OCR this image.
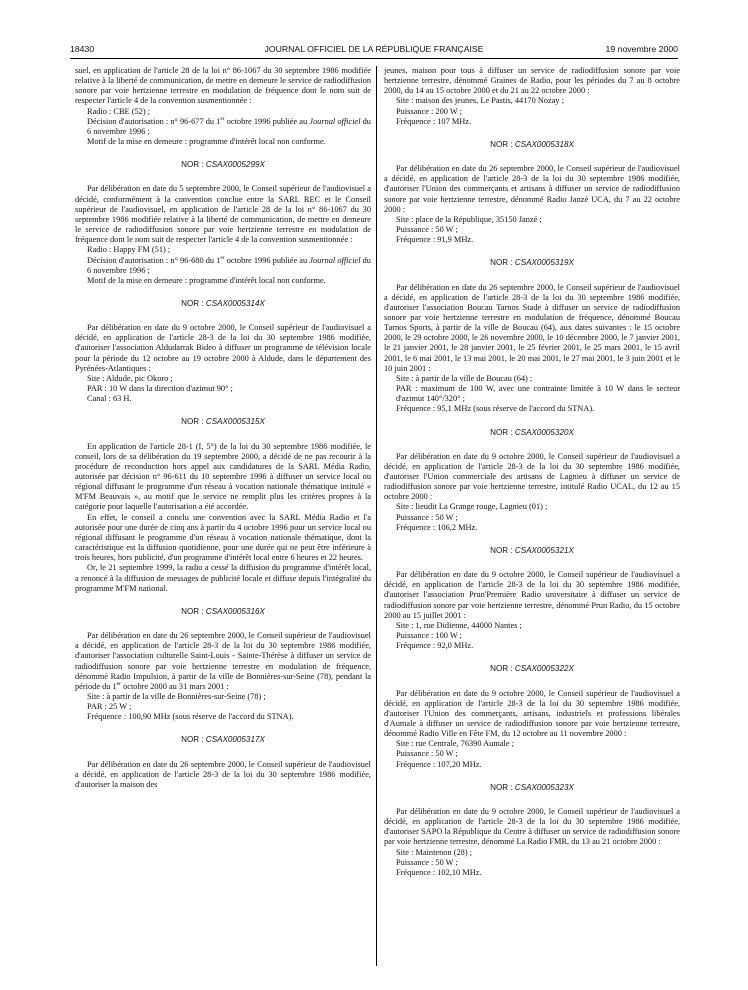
18430	JOURNAL OFFICIEL DE LA RÉPUBLIQUE FRANÇAISE	19 novembre 2000

suel, en application de l'article 28 de la loi n° 86-1067 du 30 septembre 1986 modifiée relative à la liberté de communication, de mettre en demeure le service de radiodiffusion sonore par voie hertzienne terrestre en modulation de fréquence dont le nom suit de respecter l'article 4 de la convention susmentionnée :

Radio : CBE (52) ;

Décision d'autorisation : n° 96-677 du 1er octobre 1996 publiée au Journal officiel du 6 novembre 1996 ;

Motif de la mise en demeure : programme d'intérêt local non conforme.

NOR : CSAX0005299X

Par délibération en date du 5 septembre 2000, le Conseil supérieur de l'audiovisuel a décidé, conformément à la convention conclue entre la SARL REC et le Conseil supérieur de l'audiovisuel, en application de l'article 28 de la loi n° 86-1067 du 30 septembre 1986 modifiée relative à la liberté de communication, de mettre en demeure le service de radiodiffusion sonore par voie hertzienne terrestre en modulation de fréquence dont le nom suit de respecter l'article 4 de la convention susmentionnée :

Radio : Happy FM (51) ;

Décision d'autorisation : n° 96-680 du 1er octobre 1996 publiée au Journal officiel du 6 novembre 1996 ;

Motif de la mise en demeure : programme d'intérêt local non conforme.

NOR : CSAX0005314X

Par délibération en date du 9 octobre 2000, le Conseil supérieur de l'audiovisuel a décidé, en application de l'article 28-3 de la loi du 30 septembre 1986 modifiée, d'autoriser l'association Aldudarrak Bideo à diffuser un programme de télévision locale pour la période du 12 octobre au 19 octobre 2000 à Aldude, dans le département des Pyrénées-Atlantiques :

Site : Aldude, pic Okoro ;

PAR : 10 W dans la direction d'azimut 90° ;

Canal : 63 H.

NOR : CSAX0005315X

En application de l'article 28-1 (I, 5°) de la loi du 30 septembre 1986 modifiée, le conseil, lors de sa délibération du 19 septembre 2000, a décidé de ne pas recourir à la procédure de reconduction hors appel aux candidatures de la SARL Média Radio, autorisée par décision n° 96-611 du 10 septembre 1996 à diffuser un service local ou régional diffusant le programme d'un réseau à vocation nationale thématique intitulé « M'FM Beauvais », au motif que le service ne remplit plus les critères propres à la catégorie pour laquelle l'autorisation a été accordée.

En effet, le conseil a conclu une convention avec la SARL Média Radio et l'a autorisée pour une durée de cinq ans à partir du 4 octobre 1996 pour un service local ou régional diffusant le programme d'un réseau à vocation nationale thématique, dont la caractéristique est la diffusion quotidienne, pour une durée qui ne peut être inférieure à trois heures, hors publicité, d'un programme d'intérêt local entre 6 heures et 22 heures.

Or, le 21 septembre 1999, la radio a cessé la diffusion du programme d'intérêt local, a renoncé à la diffusion de messages de publicité locale et diffuse depuis l'intégralité du programme M'FM national.

NOR : CSAX0005316X

Par délibération en date du 26 septembre 2000, le Conseil supérieur de l'audiovisuel a décidé, en application de l'article 28-3 de la loi du 30 septembre 1986 modifiée, d'autoriser l'association culturelle Saint-Louis - Sainte-Thérèse à diffuser un service de radiodiffusion sonore par voie hertzienne terrestre en modulation de fréquence, dénommé Radio Impulsion, à partir de la ville de Bonnières-sur-Seine (78), pendant la période du 1er octobre 2000 au 31 mars 2001 :

Site : à partir de la ville de Bonnières-sur-Seine (78) ;

PAR : 25 W ;

Fréquence : 100,90 MHz (sous réserve de l'accord du STNA).

NOR : CSAX0005317X

Par délibération en date du 26 septembre 2000, le Conseil supérieur de l'audiovisuel a décidé, en application de l'article 28-3 de la loi du 30 septembre 1986 modifiée, d'autoriser la maison des

jeunes, maison pour tous à diffuser un service de radiodiffusion sonore par voie hertzienne terrestre, dénommé Graines de Radio, pour les périodes du 7 au 8 octobre 2000, du 14 au 15 octobre 2000 et du 21 au 22 octobre 2000 :

Site : maison des jeunes, Le Pastis, 44170 Nozay ;

Puissance : 200 W ;

Fréquence : 107 MHz.

NOR : CSAX0005318X

Par délibération en date du 26 septembre 2000, le Conseil supérieur de l'audiovisuel a décidé, en application de l'article 28-3 de la loi du 30 septembre 1986 modifiée, d'autoriser l'Union des commerçants et artisans à diffuser un service de radiodiffusion sonore par voie hertzienne terrestre, dénommé Radio Janzé UCA, du 7 au 22 octobre 2000 :

Site : place de la République, 35150 Janzé ;

Puissance : 50 W ;

Fréquence : 91,9 MHz.

NOR : CSAX0005319X

Par délibération en date du 26 septembre 2000, le Conseil supérieur de l'audiovisuel a décidé, en application de l'article 28-3 de la loi du 30 septembre 1986 modifiée, d'autoriser l'association Boucau Tarnos Stade à diffuser un service de radiodiffusion sonore par voie hertzienne terrestre en modulation de fréquence, dénommé Boucau Tarnos Sports, à partir de la ville de Boucau (64), aux dates suivantes : le 15 octobre 2000, le 29 octobre 2000, le 26 novembre 2000, le 10 décembre 2000, le 7 janvier 2001, le 21 janvier 2001, le 28 janvier 2001, le 25 février 2001, le 25 mars 2001, le 15 avril 2001, le 6 mai 2001, le 13 mai 2001, le 20 mai 2001, le 27 mai 2001, le 3 juin 2001 et le 10 juin 2001 :

Site : à partir de la ville de Boucau (64) ;

PAR : maximum de 100 W, avec une contrainte limitée à 10 W dans le secteur d'azimut 140°/320° ;

Fréquence : 95,1 MHz (sous réserve de l'accord du STNA).

NOR : CSAX0005320X

Par délibération en date du 9 octobre 2000, le Conseil supérieur de l'audiovisuel a décidé, en application de l'article 28-3 de la loi du 30 septembre 1986 modifiée, d'autoriser l'Union commerciale des artisans de Lagnieu à diffuser un service de radiodiffusion sonore par voie hertzienne terrestre, intitulé Radio UCAL, du 12 au 15 octobre 2000 :

Site : lieudit La Grange rouge, Lagnieu (01) ;

Puissance : 50 W ;

Fréquence : 106,2 MHz.

NOR : CSAX0005321X

Par délibération en date du 9 octobre 2000, le Conseil supérieur de l'audiovisuel a décidé, en application de l'article 28-3 de la loi du 30 septembre 1986 modifiée, d'autoriser l'association Prun'Première Radio universitaire à diffuser un service de radiodiffusion sonore par voie hertzienne terrestre, dénommé Prun Radio, du 15 octobre 2000 au 15 juillet 2001 :

Site : 1, rue Didienne, 44000 Nantes ;

Puissance : 100 W ;

Fréquence : 92,0 MHz.

NOR : CSAX0005322X

Par délibération en date du 9 octobre 2000, le Conseil supérieur de l'audiovisuel a décidé, en application de l'article 28-3 de la loi du 30 septembre 1986 modifiée, d'autoriser l'Union des commerçants, artisans, industriels et professions libérales d'Aumale à diffuser un service de radiodiffusion sonore par voie hertzienne terrestre, dénommé Radio Ville en Fête FM, du 12 octobre au 11 novembre 2000 :

Site : rue Centrale, 76390 Aumale ;

Puissance : 50 W ;

Fréquence : 107,20 MHz.

NOR : CSAX0005323X

Par délibération en date du 9 octobre 2000, le Conseil supérieur de l'audiovisuel a décidé, en application de l'article 28-3 de la loi du 30 septembre 1986 modifiée, d'autoriser SAPO la République du Centre à diffuser un service de radiodiffusion sonore par voie hertzienne terrestre, dénommé La Radio FMR, du 13 au 21 octobre 2000 :

Site : Maintenon (28) ;

Puissance : 50 W ;

Fréquence : 102,10 MHz.
